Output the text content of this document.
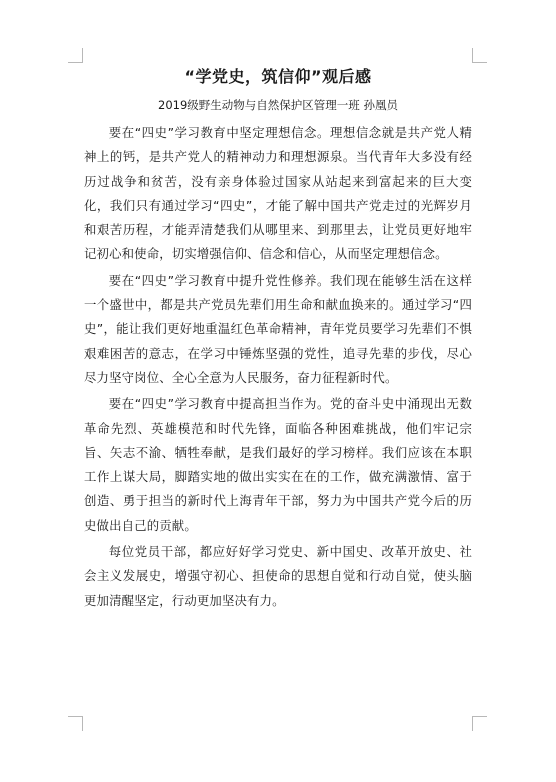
“学党史，筑信仰”观后感
2019级野生动物与自然保护区管理一班 孙凰员

要在“四史”学习教育中坚定理想信念。理想信念就是共产党人精神上的钙，是共产党人的精神动力和理想源泉。当代青年大多没有经历过战争和贫苦，没有亲身体验过国家从站起来到富起来的巨大变化，我们只有通过学习“四史”，才能了解中国共产党走过的光辉岁月和艰苦历程，才能弄清楚我们从哪里来、到那里去，让党员更好地牢记初心和使命，切实增强信仰、信念和信心，从而坚定理想信念。

要在“四史”学习教育中提升党性修养。我们现在能够生活在这样一个盛世中，都是共产党员先辈们用生命和献血换来的。通过学习“四史”，能让我们更好地重温红色革命精神，青年党员要学习先辈们不惧艰难困苦的意志，在学习中锤炼坚强的党性，追寻先辈的步伐，尽心尽力坚守岗位、全心全意为人民服务，奋力征程新时代。

要在“四史”学习教育中提高担当作为。党的奋斗史中涌现出无数革命先烈、英雄模范和时代先锋，面临各种困难挑战，他们牢记宗旨、矢志不渝、牺牲奉献，是我们最好的学习榜样。我们应该在本职工作上谋大局，脚踏实地的做出实实在在的工作，做充满激情、富于创造、勇于担当的新时代上海青年干部，努力为中国共产党今后的历史做出自己的贡献。

每位党员干部，都应好好学习党史、新中国史、改革开放史、社会主义发展史，增强守初心、担使命的思想自觉和行动自觉，使头脑更加清醒坚定，行动更加坚决有力。
